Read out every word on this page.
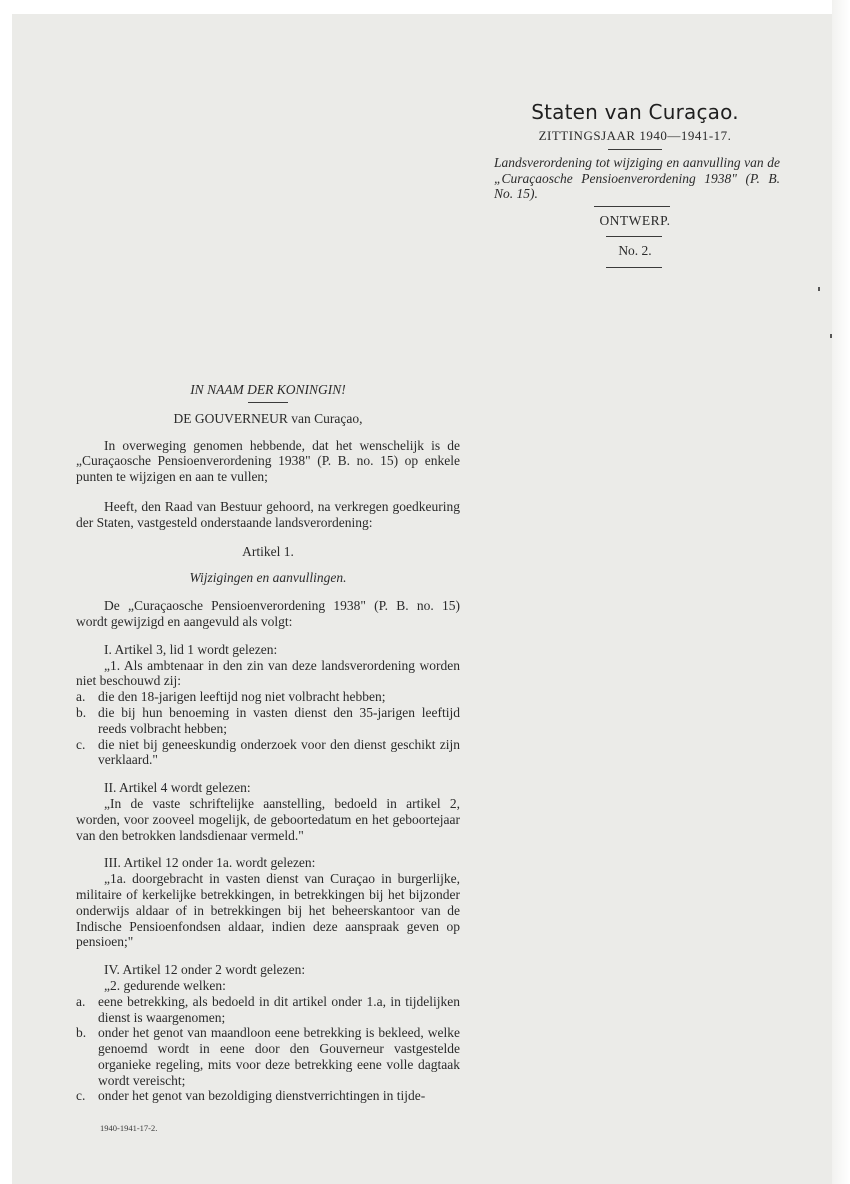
Staten van Curaçao.
ZITTINGSJAAR 1940—1941-17.
Landsverordening tot wijziging en aanvulling van de „Curaçaosche Pensioenverordening 1938" (P. B. No. 15).
ONTWERP.
No. 2.
IN NAAM DER KONINGIN!
DE GOUVERNEUR van Curaçao,
In overweging genomen hebbende, dat het wenschelijk is de „Curaçaosche Pensioenverordening 1938" (P. B. no. 15) op enkele punten te wijzigen en aan te vullen;
Heeft, den Raad van Bestuur gehoord, na verkregen goedkeuring der Staten, vastgesteld onderstaande landsverordening:
Artikel 1.
Wijzigingen en aanvullingen.
De „Curaçaosche Pensioenverordening 1938" (P. B. no. 15) wordt gewijzigd en aangevuld als volgt:
I. Artikel 3, lid 1 wordt gelezen:
„1. Als ambtenaar in den zin van deze landsverordening worden niet beschouwd zij:
a. die den 18-jarigen leeftijd nog niet volbracht hebben;
b. die bij hun benoeming in vasten dienst den 35-jarigen leeftijd reeds volbracht hebben;
c. die niet bij geneeskundig onderzoek voor den dienst geschikt zijn verklaard."
II. Artikel 4 wordt gelezen:
„In de vaste schriftelijke aanstelling, bedoeld in artikel 2, worden, voor zooveel mogelijk, de geboortedatum en het geboortejaar van den betrokken landsdienaar vermeld."
III. Artikel 12 onder 1a. wordt gelezen:
„1a. doorgebracht in vasten dienst van Curaçao in burgerlijke, militaire of kerkelijke betrekkingen, in betrekkingen bij het bijzonder onderwijs aldaar of in betrekkingen bij het beheerskantoor van de Indische Pensioenfondsen aldaar, indien deze aanspraak geven op pensioen;"
IV. Artikel 12 onder 2 wordt gelezen:
„2. gedurende welken:
a. eene betrekking, als bedoeld in dit artikel onder 1.a, in tijdelijken dienst is waargenomen;
b. onder het genot van maandloon eene betrekking is bekleed, welke genoemd wordt in eene door den Gouverneur vastgestelde organieke regeling, mits voor deze betrekking eene volle dagtaak wordt vereischt;
c. onder het genot van bezoldiging dienstverrichtingen in tijde-
1940-1941-17-2.
